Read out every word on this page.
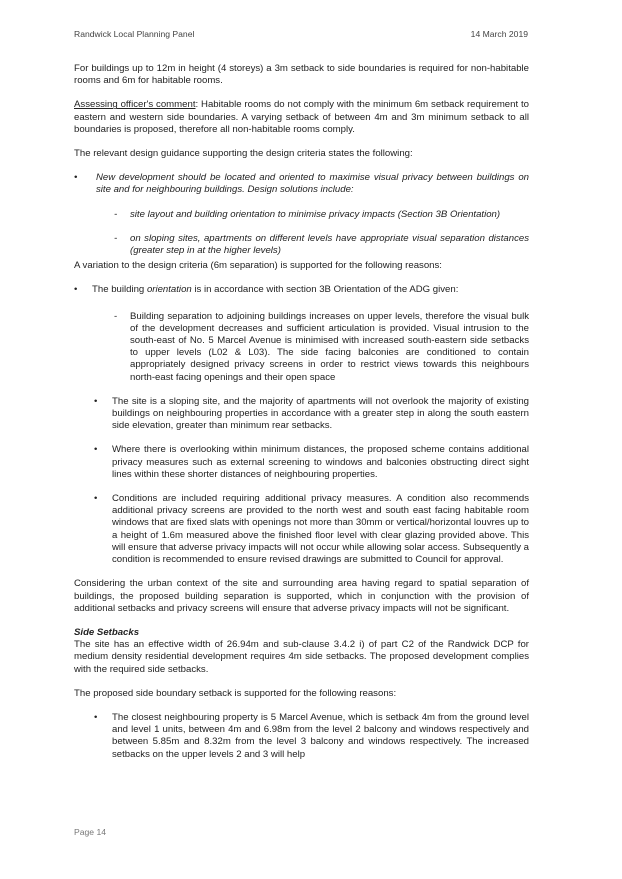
Randwick Local Planning Panel	14 March 2019

For buildings up to 12m in height (4 storeys) a 3m setback to side boundaries is required for non-habitable rooms and 6m for habitable rooms.

Assessing officer's comment: Habitable rooms do not comply with the minimum 6m setback requirement to eastern and western side boundaries. A varying setback of between 4m and 3m minimum setback to all boundaries is proposed, therefore all non-habitable rooms comply.

The relevant design guidance supporting the design criteria states the following:

• New development should be located and oriented to maximise visual privacy between buildings on site and for neighbouring buildings. Design solutions include:
- site layout and building orientation to minimise privacy impacts (Section 3B Orientation)
- on sloping sites, apartments on different levels have appropriate visual separation distances (greater step in at the higher levels)

A variation to the design criteria (6m separation) is supported for the following reasons:

• The building orientation is in accordance with section 3B Orientation of the ADG given:
- Building separation to adjoining buildings increases on upper levels, therefore the visual bulk of the development decreases and sufficient articulation is provided. Visual intrusion to the south-east of No. 5 Marcel Avenue is minimised with increased south-eastern side setbacks to upper levels (L02 & L03). The side facing balconies are conditioned to contain appropriately designed privacy screens in order to restrict views towards this neighbours north-east facing openings and their open space
• The site is a sloping site, and the majority of apartments will not overlook the majority of existing buildings on neighbouring properties in accordance with a greater step in along the south eastern side elevation, greater than minimum rear setbacks.
• Where there is overlooking within minimum distances, the proposed scheme contains additional privacy measures such as external screening to windows and balconies obstructing direct sight lines within these shorter distances of neighbouring properties.
• Conditions are included requiring additional privacy measures. A condition also recommends additional privacy screens are provided to the north west and south east facing habitable room windows that are fixed slats with openings not more than 30mm or vertical/horizontal louvres up to a height of 1.6m measured above the finished floor level with clear glazing provided above. This will ensure that adverse privacy impacts will not occur while allowing solar access. Subsequently a condition is recommended to ensure revised drawings are submitted to Council for approval.

Considering the urban context of the site and surrounding area having regard to spatial separation of buildings, the proposed building separation is supported, which in conjunction with the provision of additional setbacks and privacy screens will ensure that adverse privacy impacts will not be significant.

Side Setbacks

The site has an effective width of 26.94m and sub-clause 3.4.2 i) of part C2 of the Randwick DCP for medium density residential development requires 4m side setbacks. The proposed development complies with the required side setbacks.

The proposed side boundary setback is supported for the following reasons:

• The closest neighbouring property is 5 Marcel Avenue, which is setback 4m from the ground level and level 1 units, between 4m and 6.98m from the level 2 balcony and windows respectively and between 5.85m and 8.32m from the level 3 balcony and windows respectively. The increased setbacks on the upper levels 2 and 3 will help
Page 14
